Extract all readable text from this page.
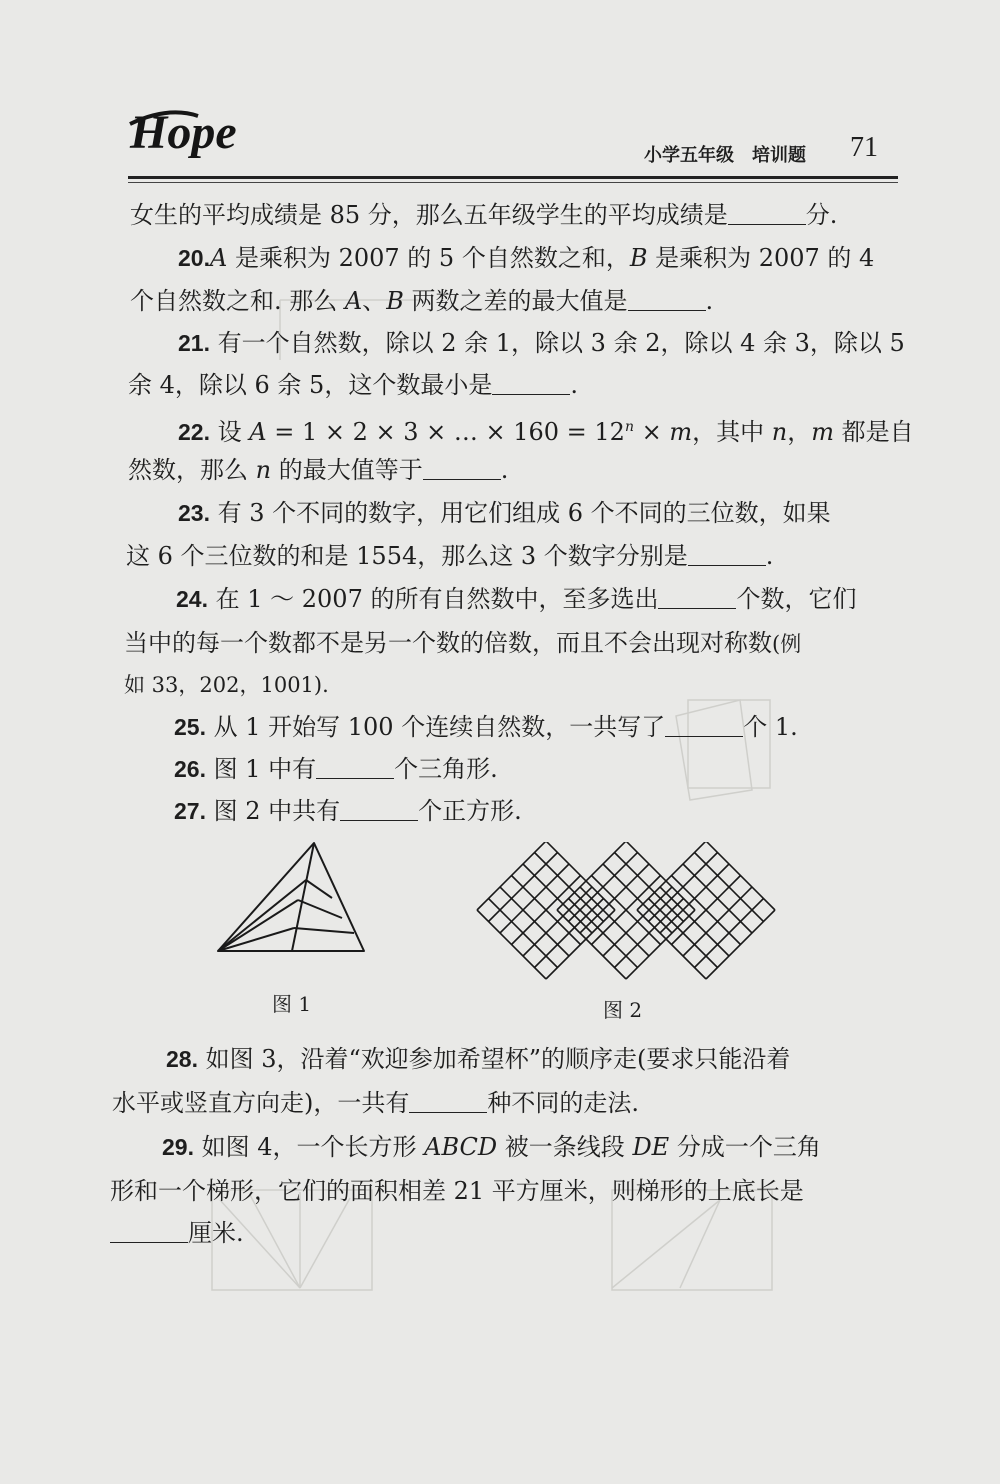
Hope	小学五年级　培训题 71
女生的平均成绩是 85 分，那么五年级学生的平均成绩是	分.
20.A 是乘积为 2007 的 5 个自然数之和，B 是乘积为 2007 的 4
个自然数之和. 那么 A、B 两数之差的最大值是	.
21. 有一个自然数，除以 2 余 1，除以 3 余 2，除以 4 余 3，除以 5
余 4，除以 6 余 5，这个数最小是	.
22. 设 A = 1 × 2 × 3 × … × $160 = 12^n \times m$，其中 n，m 都是自
然数，那么 n 的最大值等于	.
23. 有 3 个不同的数字，用它们组成 6 个不同的三位数，如果
这 6 个三位数的和是 1554，那么这 3 个数字分别是	.
24. 在 1 ～ 2007 的所有自然数中，至多选出	个数，它们
当中的每一个数都不是另一个数的倍数，而且不会出现对称数(例
如 33，202，1001).
25. 从 1 开始写 100 个连续自然数，一共写了	个 1.
26. 图 1 中有	个三角形.
27. 图 2 中共有	个正方形.
图 1	图 2
28. 如图 3，沿着“欢迎参加希望杯”的顺序走(要求只能沿着
水平或竖直方向走)，一共有	种不同的走法.
29. 如图 4，一个长方形 ABCD 被一条线段 DE 分成一个三角
形和一个梯形，它们的面积相差 21 平方厘米，则梯形的上底长是
厘米.
